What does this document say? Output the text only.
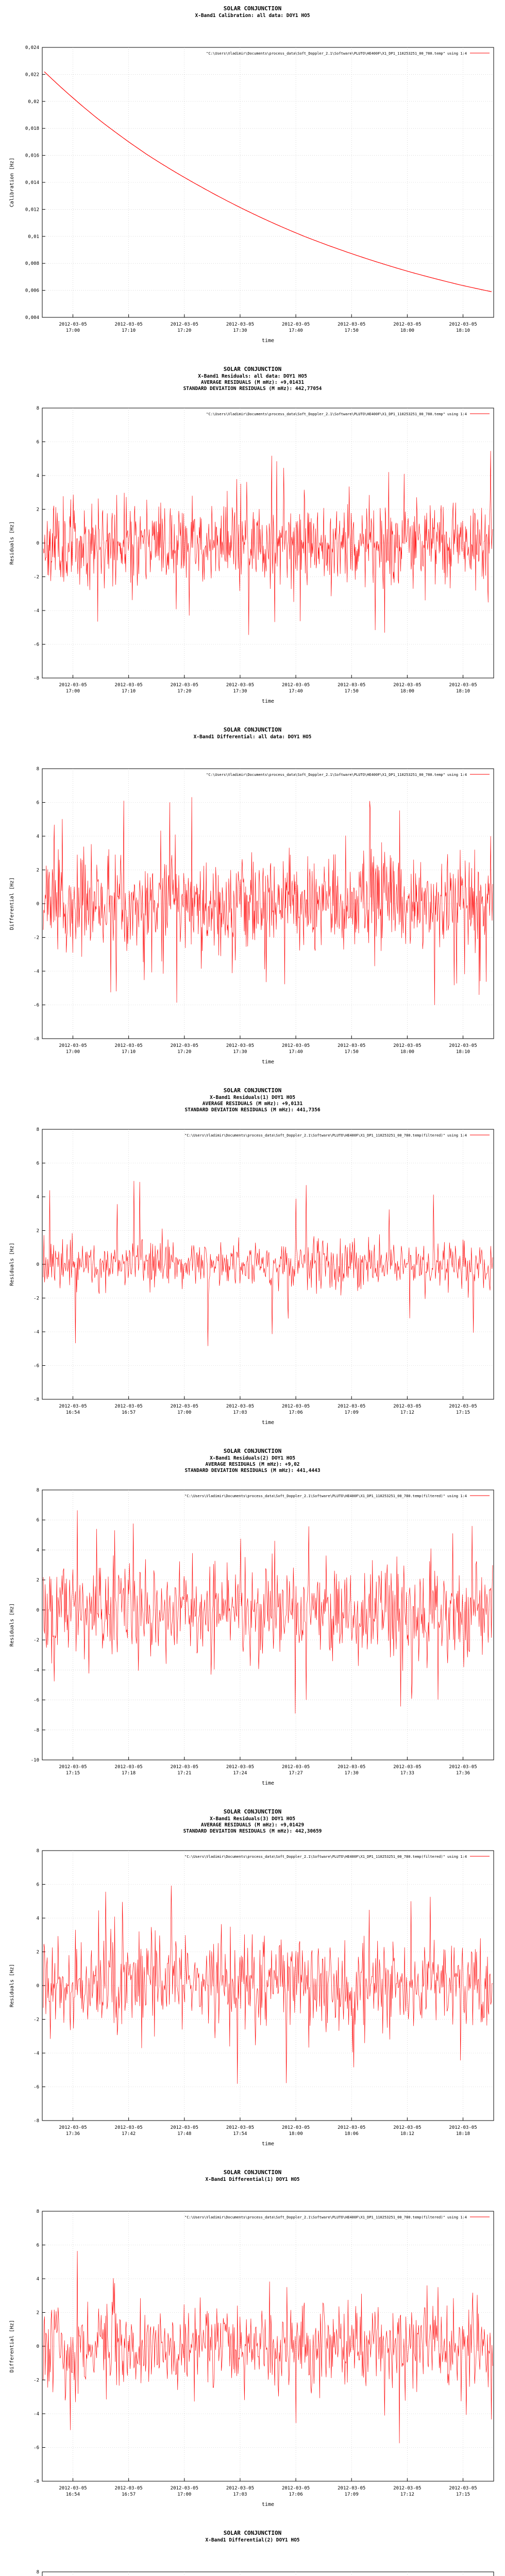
SOLAR CONJUNCTION
X-Band1 Calibration: all data: DOY1 HO5
0,004
0,006
0,008
0,01
0,012
0,014
0,016
0,018
0,02
0,022
0,024
2012-03-05
17:00
2012-03-05
17:10
2012-03-05
17:20
2012-03-05
17:30
2012-03-05
17:40
2012-03-05
17:50
2012-03-05
18:00
2012-03-05
18:10
time
Calibration [Hz]
"C:\Users\Vladimir\Documents\process_data\Soft_Doppler_2.1\Software\PLUTO\HE400F\X1_DP1_110253251_00_780.temp" using 1:4
SOLAR CONJUNCTION
X-Band1 Residuals: all data: DOY1 HO5
AVERAGE RESIDUALS (M mHz): +9,01431
STANDARD DEVIATION RESIDUALS (M mHz): 442,77054
-8
-6
-4
-2
0
2
4
6
8
2012-03-05
17:00
2012-03-05
17:10
2012-03-05
17:20
2012-03-05
17:30
2012-03-05
17:40
2012-03-05
17:50
2012-03-05
18:00
2012-03-05
18:10
time
Residuals [Hz]
"C:\Users\Vladimir\Documents\process_data\Soft_Doppler_2.1\Software\PLUTO\HE400F\X1_DP1_110253251_00_780.temp" using 1:4
SOLAR CONJUNCTION
X-Band1 Differential: all data: DOY1 HO5
-8
-6
-4
-2
0
2
4
6
8
2012-03-05
17:00
2012-03-05
17:10
2012-03-05
17:20
2012-03-05
17:30
2012-03-05
17:40
2012-03-05
17:50
2012-03-05
18:00
2012-03-05
18:10
time
Differential [Hz]
"C:\Users\Vladimir\Documents\process_data\Soft_Doppler_2.1\Software\PLUTO\HE400F\X1_DP1_110253251_00_780.temp" using 1:4
SOLAR CONJUNCTION
X-Band1 Residuals(1) DOY1 HO5
AVERAGE RESIDUALS (M mHz): +9,0131
STANDARD DEVIATION RESIDUALS (M mHz): 441,7356
-8
-6
-4
-2
0
2
4
6
8
2012-03-05
16:54
2012-03-05
16:57
2012-03-05
17:00
2012-03-05
17:03
2012-03-05
17:06
2012-03-05
17:09
2012-03-05
17:12
2012-03-05
17:15
time
Residuals [Hz]
"C:\Users\Vladimir\Documents\process_data\Soft_Doppler_2.1\Software\PLUTO\HE400F\X1_DP1_110253251_00_780.temp(filtered)" using 1:4
SOLAR CONJUNCTION
X-Band1 Residuals(2) DOY1 HO5
AVERAGE RESIDUALS (M mHz): +9,02
STANDARD DEVIATION RESIDUALS (M mHz): 441,4443
-10
-8
-6
-4
-2
0
2
4
6
8
2012-03-05
17:15
2012-03-05
17:18
2012-03-05
17:21
2012-03-05
17:24
2012-03-05
17:27
2012-03-05
17:30
2012-03-05
17:33
2012-03-05
17:36
time
Residuals [Hz]
"C:\Users\Vladimir\Documents\process_data\Soft_Doppler_2.1\Software\PLUTO\HE400F\X1_DP1_110253251_00_780.temp(filtered)" using 1:4
SOLAR CONJUNCTION
X-Band1 Residuals(3) DOY1 HO5
AVERAGE RESIDUALS (M mHz): +9,01429
STANDARD DEVIATION RESIDUALS (M mHz): 442,30659
-8
-6
-4
-2
0
2
4
6
8
2012-03-05
17:36
2012-03-05
17:42
2012-03-05
17:48
2012-03-05
17:54
2012-03-05
18:00
2012-03-05
18:06
2012-03-05
18:12
2012-03-05
18:18
time
Residuals [Hz]
"C:\Users\Vladimir\Documents\process_data\Soft_Doppler_2.1\Software\PLUTO\HE400F\X1_DP1_110253251_00_780.temp(filtered)" using 1:4
SOLAR CONJUNCTION
X-Band1 Differential(1) DOY1 HO5
-8
-6
-4
-2
0
2
4
6
8
2012-03-05
16:54
2012-03-05
16:57
2012-03-05
17:00
2012-03-05
17:03
2012-03-05
17:06
2012-03-05
17:09
2012-03-05
17:12
2012-03-05
17:15
time
Differential [Hz]
"C:\Users\Vladimir\Documents\process_data\Soft_Doppler_2.1\Software\PLUTO\HE400F\X1_DP1_110253251_00_780.temp(filtered)" using 1:4
SOLAR CONJUNCTION
X-Band1 Differential(2) DOY1 HO5
8
